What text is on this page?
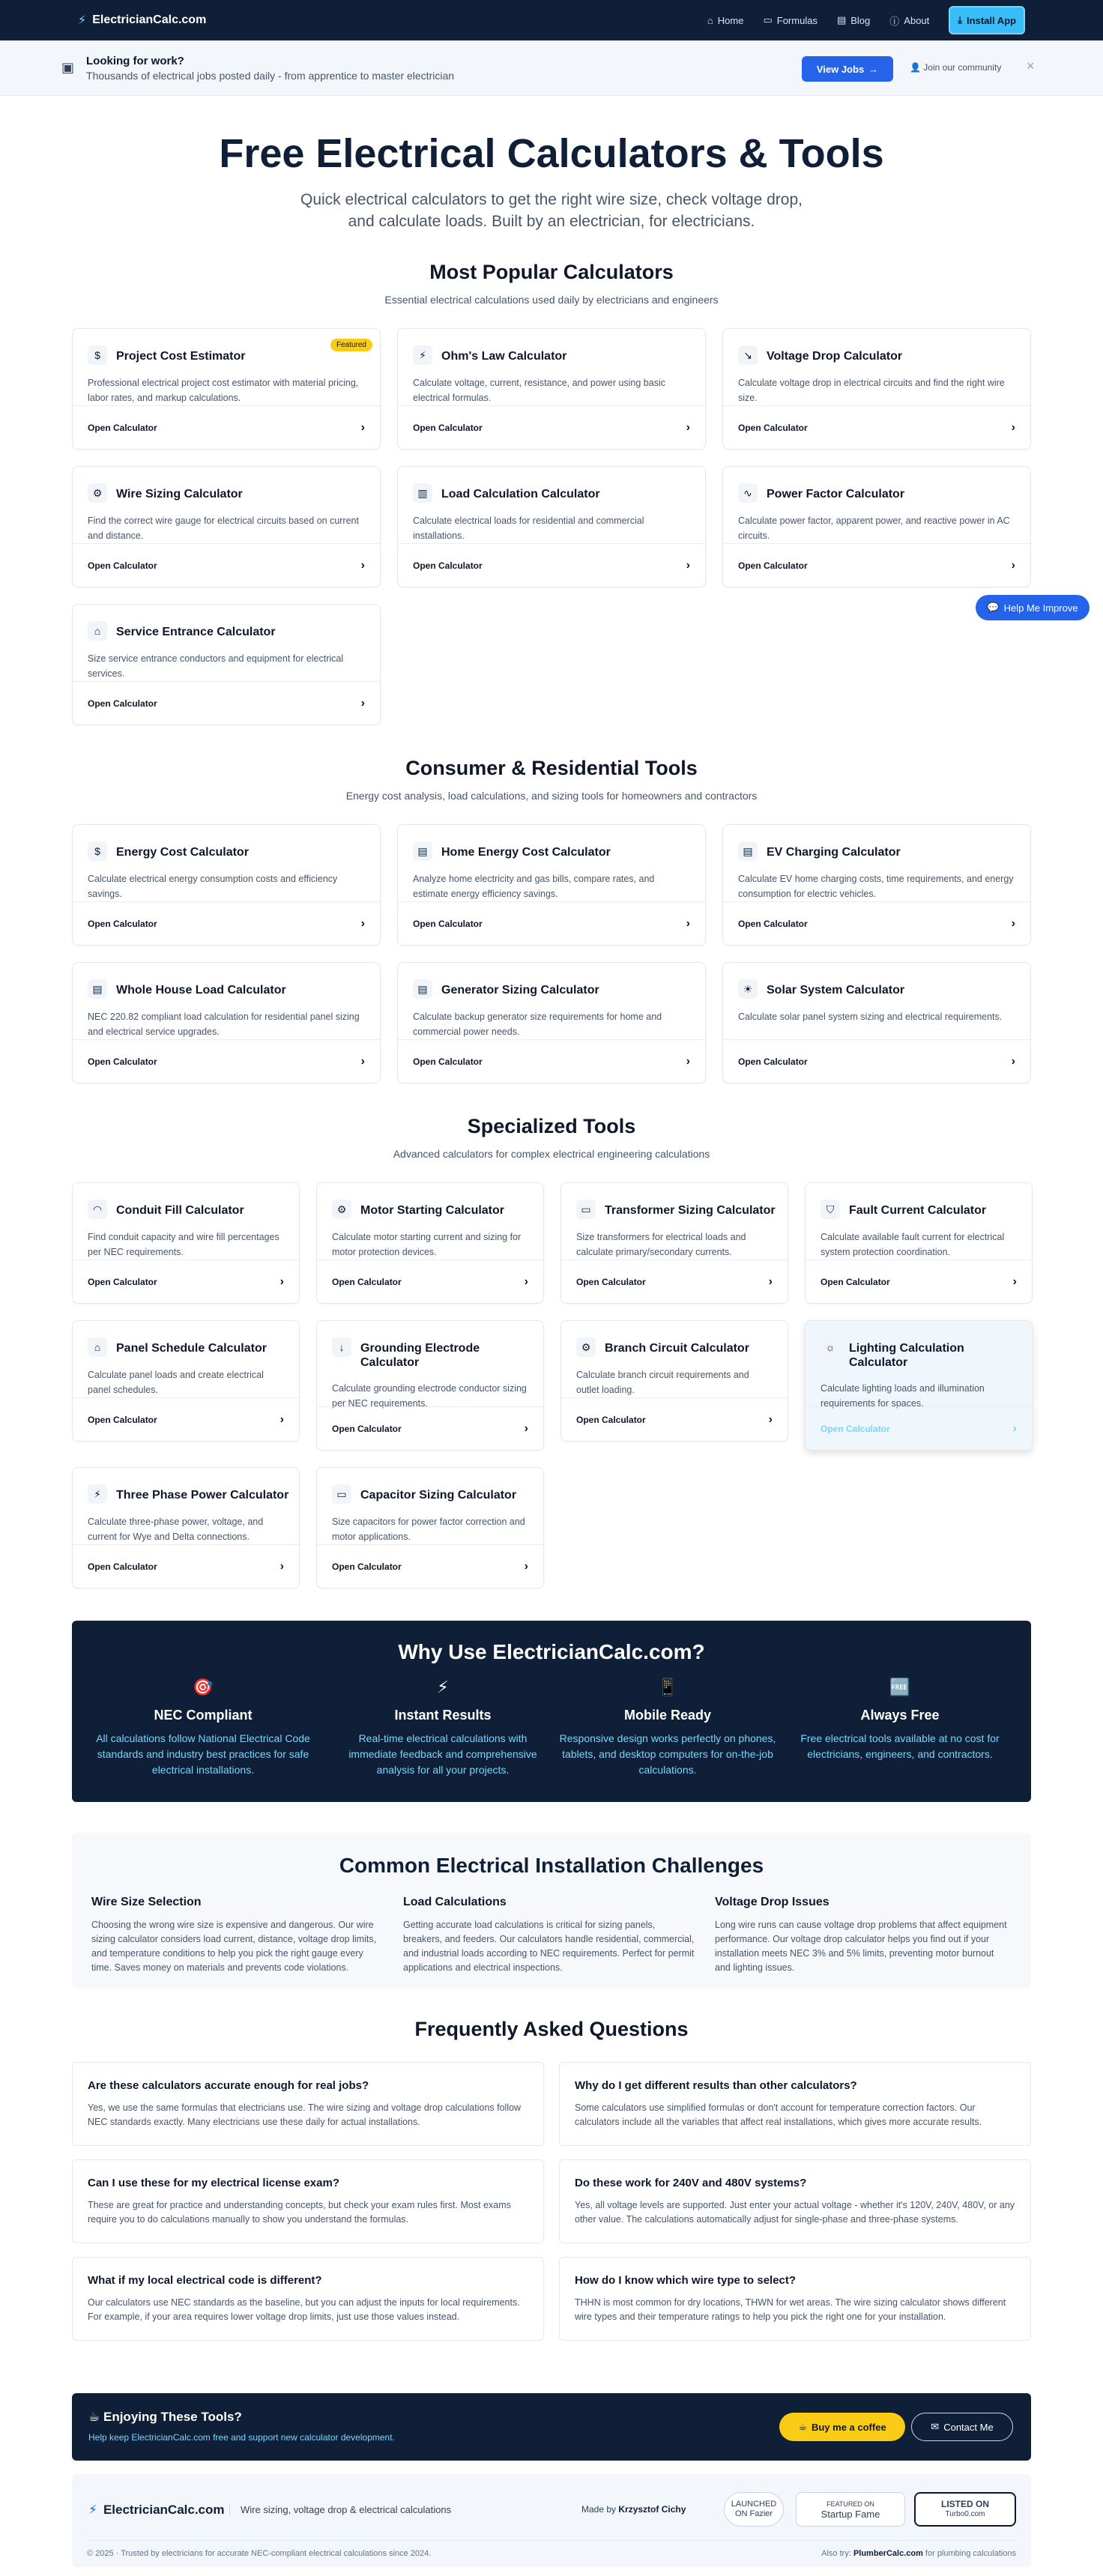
⚡ ElectricianCalc.com	⌂ Home ▭ Formulas ▤ Blog ⓘ About	⤓ Install App
▣ Looking for work?
Thousands of electrical jobs posted daily - from apprentice to master electrician
View Jobs →	👤 Join our community ×
Free Electrical Calculators & Tools

Quick electrical calculators to get the right wire size, check voltage drop, and calculate loads. Built by an electrician, for electricians.

Most Popular Calculators
Essential electrical calculations used daily by electricians and engineers
Consumer & Residential Tools
Energy cost analysis, load calculations, and sizing tools for homeowners and contractors
Specialized Tools
Advanced calculators for complex electrical engineering calculations
💬 Help Me Improve
Why Use ElectricianCalc.com?
🎯
NEC Compliant
All calculations follow National Electrical Code standards and industry best practices for safe electrical installations.
⚡
Instant Results
Real-time electrical calculations with immediate feedback and comprehensive analysis for all your projects.
📱
Mobile Ready
Responsive design works perfectly on phones, tablets, and desktop computers for on-the-job calculations.
🆓
Always Free
Free electrical tools available at no cost for electricians, engineers, and contractors.
Common Electrical Installation Challenges
Wire Size Selection
Choosing the wrong wire size is expensive and dangerous. Our wire sizing calculator considers load current, distance, voltage drop limits, and temperature conditions to help you pick the right gauge every time. Saves money on materials and prevents code violations.
Load Calculations
Getting accurate load calculations is critical for sizing panels, breakers, and feeders. Our calculators handle residential, commercial, and industrial loads according to NEC requirements. Perfect for permit applications and electrical inspections.
Voltage Drop Issues
Long wire runs can cause voltage drop problems that affect equipment performance. Our voltage drop calculator helps you find out if your installation meets NEC 3% and 5% limits, preventing motor burnout and lighting issues.
Frequently Asked Questions
Are these calculators accurate enough for real jobs?
Yes, we use the same formulas that electricians use. The wire sizing and voltage drop calculations follow NEC standards exactly. Many electricians use these daily for actual installations.
Why do I get different results than other calculators?
Some calculators use simplified formulas or don't account for temperature correction factors. Our calculators include all the variables that affect real installations, which gives more accurate results.
Can I use these for my electrical license exam?
These are great for practice and understanding concepts, but check your exam rules first. Most exams require you to do calculations manually to show you understand the formulas.
Do these work for 240V and 480V systems?
Yes, all voltage levels are supported. Just enter your actual voltage - whether it's 120V, 240V, 480V, or any other value. The calculations automatically adjust for single-phase and three-phase systems.
What if my local electrical code is different?
Our calculators use NEC standards as the baseline, but you can adjust the inputs for local requirements. For example, if your area requires lower voltage drop limits, just use those values instead.
How do I know which wire type to select?
THHN is most common for dry locations, THWN for wet areas. The wire sizing calculator shows different wire types and their temperature ratings to help you pick the right one for your installation.
☕ Enjoying These Tools?
Help keep ElectricianCalc.com free and support new calculator development.
☕ Buy me a coffee	✉ Contact Me
⚡ ElectricianCalc.com	Wire sizing, voltage drop & electrical calculations	Made by Krzysztof Cichy	LAUNCHED ON Fazier
FEATURED ON
Startup Fame
LISTED ON
Turbo0.com
© 2025 · Trusted by electricians for accurate NEC-compliant electrical calculations since 2024.	Also try: PlumberCalc.com for plumbing calculations
$	Project Cost Estimator
Professional electrical project cost estimator with material pricing, labor rates, and markup calculations.
Open Calculator	›
Featured
⚡	Ohm's Law Calculator
Calculate voltage, current, resistance, and power using basic electrical formulas.
Open Calculator	›
↘	Voltage Drop Calculator
Calculate voltage drop in electrical circuits and find the right wire size.
Open Calculator	›
⚙	Wire Sizing Calculator
Find the correct wire gauge for electrical circuits based on current and distance.
Open Calculator	›
▥	Load Calculation Calculator
Calculate electrical loads for residential and commercial installations.
Open Calculator	›
∿	Power Factor Calculator
Calculate power factor, apparent power, and reactive power in AC circuits.
Open Calculator	›
⌂	Service Entrance Calculator
Size service entrance conductors and equipment for electrical services.
Open Calculator	›
$	Energy Cost Calculator
Calculate electrical energy consumption costs and efficiency savings.
Open Calculator	›
▤	Home Energy Cost Calculator
Analyze home electricity and gas bills, compare rates, and estimate energy efficiency savings.
Open Calculator	›
▤	EV Charging Calculator
Calculate EV home charging costs, time requirements, and energy consumption for electric vehicles.
Open Calculator	›
▤	Whole House Load Calculator
NEC 220.82 compliant load calculation for residential panel sizing and electrical service upgrades.
Open Calculator	›
▤	Generator Sizing Calculator
Calculate backup generator size requirements for home and commercial power needs.
Open Calculator	›
☀	Solar System Calculator
Calculate solar panel system sizing and electrical requirements.
Open Calculator	›
◠	Conduit Fill Calculator
Find conduit capacity and wire fill percentages per NEC requirements.
Open Calculator	›
⚙	Motor Starting Calculator
Calculate motor starting current and sizing for motor protection devices.
Open Calculator	›
▭	Transformer Sizing Calculator
Size transformers for electrical loads and calculate primary/secondary currents.
Open Calculator	›
⛉	Fault Current Calculator
Calculate available fault current for electrical system protection coordination.
Open Calculator	›
⌂	Panel Schedule Calculator
Calculate panel loads and create electrical panel schedules.
Open Calculator	›
↓	Grounding Electrode Calculator
Calculate grounding electrode conductor sizing per NEC requirements.
Open Calculator	›
⚙	Branch Circuit Calculator
Calculate branch circuit requirements and outlet loading.
Open Calculator	›
☼	Lighting Calculation Calculator
Calculate lighting loads and illumination requirements for spaces.
Open Calculator	›
⚡	Three Phase Power Calculator
Calculate three-phase power, voltage, and current for Wye and Delta connections.
Open Calculator	›
▭	Capacitor Sizing Calculator
Size capacitors for power factor correction and motor applications.
Open Calculator	›
